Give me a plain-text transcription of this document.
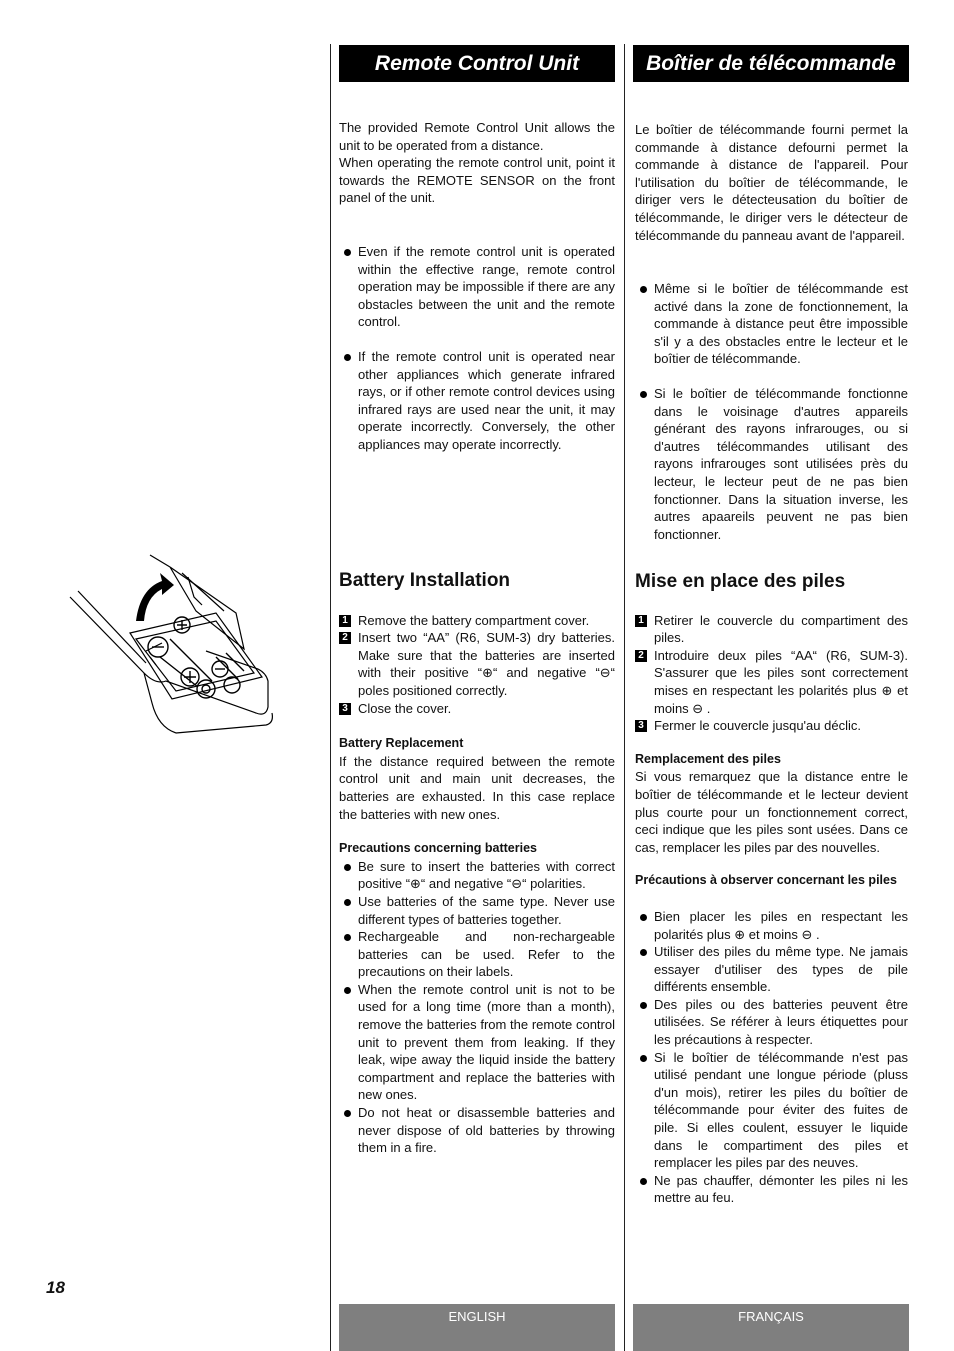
18
Remote Control Unit

The provided Remote Control Unit allows the unit to be operated from a distance.

When operating the remote control unit, point it towards the REMOTE SENSOR on the front panel of the unit.

Even if the remote control unit is operated within the effective range, remote control operation may be impossible if there are any obstacles between the unit and the remote control.
If the remote control unit is operated near other appliances which generate infrared rays, or if other remote control devices using infrared rays are used near the unit, it may operate incorrectly. Conversely, the other appliances may operate incorrectly.
Battery Installation
1 Remove the battery compartment cover.
2 Insert two “AA” (R6, SUM-3) dry batteries. Make sure that the batteries are inserted with their positive “⊕“ and negative “⊖“ poles positioned correctly.
3 Close the cover.
Battery Replacement

If the distance required between the remote control unit and main unit decreases, the batteries are exhausted. In this case replace the batteries with new ones.

Precautions concerning batteries
Be sure to insert the batteries with correct positive “⊕“ and negative “⊖“ polarities.
Use batteries of the same type. Never use different types of batteries together.
Rechargeable and non-rechargeable batteries can be used. Refer to the precautions on their labels.
When the remote control unit is not to be used for a long time (more than a month), remove the batteries from the remote control unit to prevent them from leaking. If they leak, wipe away the liquid inside the battery compartment and replace the batteries with new ones.
Do not heat or disassemble batteries and never dispose of old batteries by throwing them in a fire.
ENGLISH
Boîtier de télécommande

Le boîtier de télécommande fourni permet la commande à distance defourni permet la commande à distance de l'appareil. Pour l'utilisation du boîtier de télécommande, le diriger vers le détecteusation du boîtier de télécommande, le diriger vers le détecteur de télécommande du panneau avant de l'appareil.

Même si le boîtier de télécommande est activé dans la zone de fonctionnement, la commande à distance peut être impossible s'il y a des obstacles entre le lecteur et le boîtier de télécommande.
Si le boîtier de télécommande fonctionne dans le voisinage d'autres appareils générant des rayons infrarouges, ou si d'autres télécommandes utilisant des rayons infrarouges sont utilisées près du lecteur, le lecteur peut de ne pas bien fonctionner. Dans la situation inverse, les autres apaareils peuvent ne pas bien fonctionner.
Mise en place des piles
1 Retirer le couvercle du compartiment des piles.
2 Introduire deux piles “AA“ (R6, SUM-3). S'assurer que les piles sont correctement mises en respectant les polarités plus ⊕ et moins ⊖ .
3 Fermer le couvercle jusqu'au déclic.
Remplacement des piles

Si vous remarquez que la distance entre le boîtier de télécommande et le lecteur devient plus courte pour un fonctionnement correct, ceci indique que les piles sont usées. Dans ce cas, remplacer les piles par des nouvelles.

Précautions à observer concernant les piles
Bien placer les piles en respectant les polarités plus ⊕ et moins ⊖ .
Utiliser des piles du même type. Ne jamais essayer d'utiliser des types de pile différents ensemble.
Des piles ou des batteries peuvent être utilisées. Se référer à leurs étiquettes pour les précautions à respecter.
Si le boîtier de télécommande n'est pas utilisé pendant une longue période (pluss d'un mois), retirer les piles du boîtier de télécommande pour éviter des fuites de pile. Si elles coulent, essuyer le liquide dans le compartiment des piles et remplacer les piles par des neuves.
Ne pas chauffer, démonter les piles ni les mettre au feu.
FRANÇAIS
